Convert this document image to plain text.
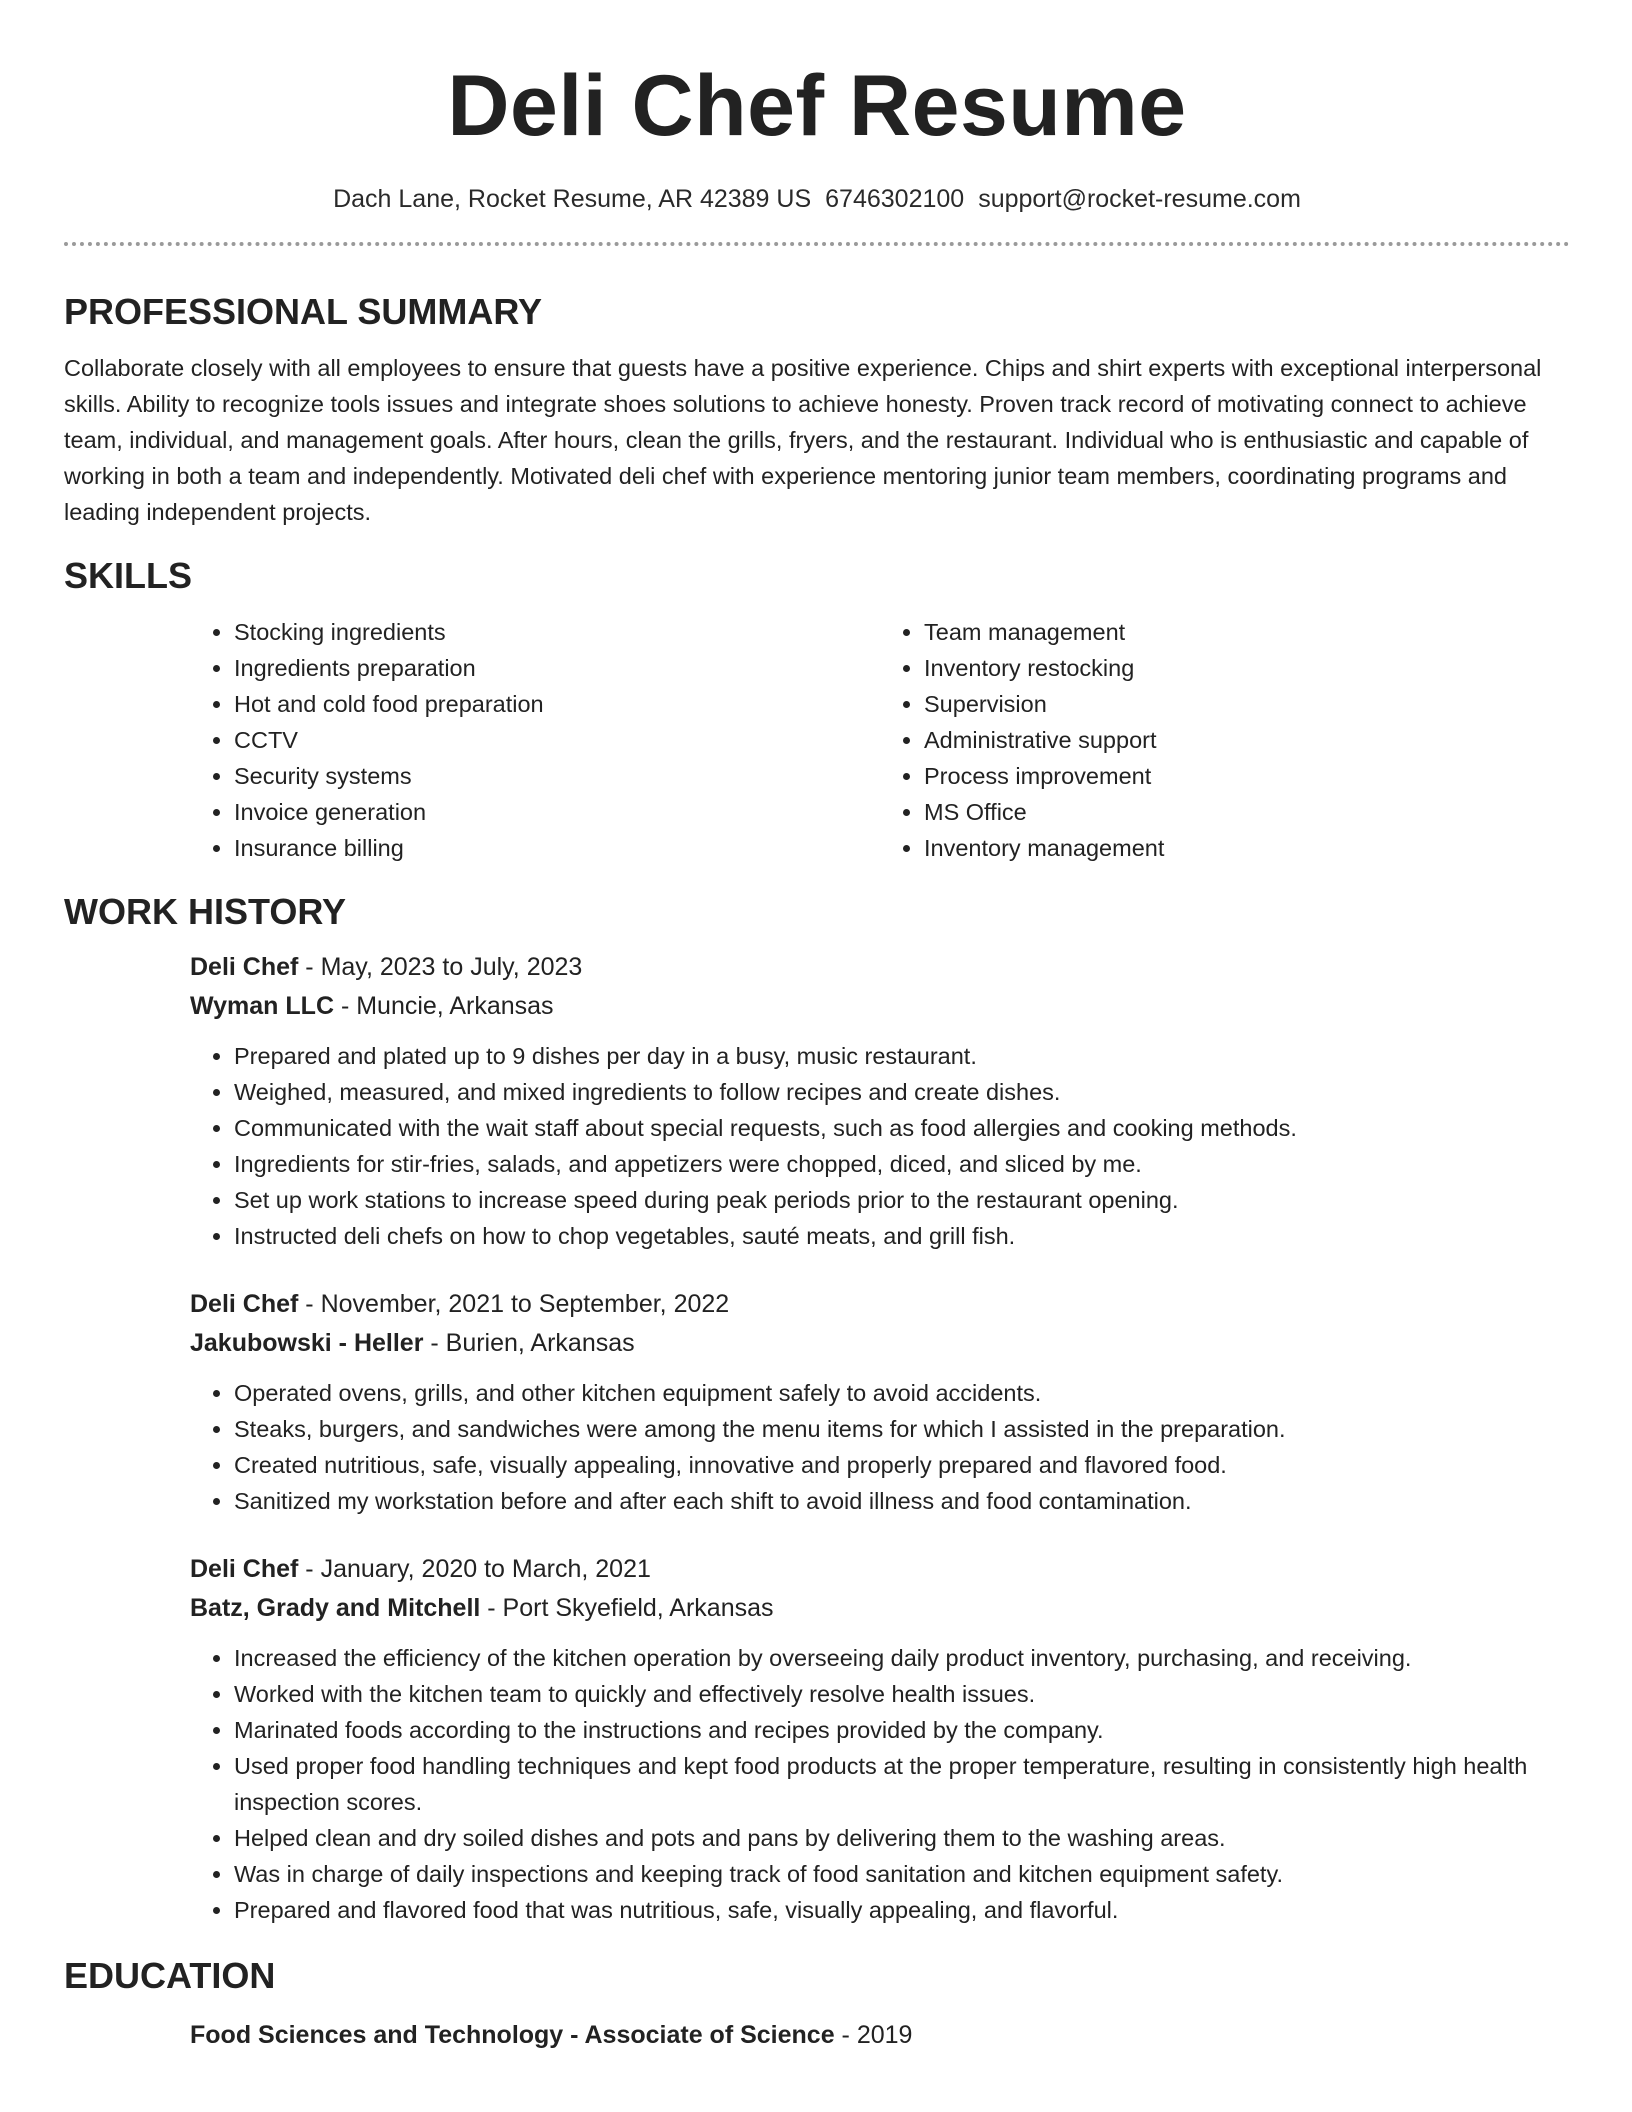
Deli Chef Resume
Dach Lane, Rocket Resume, AR 42389 US 6746302100 support@rocket-resume.com
PROFESSIONAL SUMMARY

Collaborate closely with all employees to ensure that guests have a positive experience. Chips and shirt experts with exceptional interpersonal skills. Ability to recognize tools issues and integrate shoes solutions to achieve honesty. Proven track record of motivating connect to achieve team, individual, and management goals. After hours, clean the grills, fryers, and the restaurant. Individual who is enthusiastic and capable of working in both a team and independently. Motivated deli chef with experience mentoring junior team members, coordinating programs and leading independent projects.

SKILLS
• Stocking ingredients
• Ingredients preparation
• Hot and cold food preparation
• CCTV
• Security systems
• Invoice generation
• Insurance billing
• Team management
• Inventory restocking
• Supervision
• Administrative support
• Process improvement
• MS Office
• Inventory management
WORK HISTORY
Deli Chef - May, 2023 to July, 2023
Wyman LLC - Muncie, Arkansas
• Prepared and plated up to 9 dishes per day in a busy, music restaurant.
• Weighed, measured, and mixed ingredients to follow recipes and create dishes.
• Communicated with the wait staff about special requests, such as food allergies and cooking methods.
• Ingredients for stir-fries, salads, and appetizers were chopped, diced, and sliced by me.
• Set up work stations to increase speed during peak periods prior to the restaurant opening.
• Instructed deli chefs on how to chop vegetables, sauté meats, and grill fish.
Deli Chef - November, 2021 to September, 2022
Jakubowski - Heller - Burien, Arkansas
• Operated ovens, grills, and other kitchen equipment safely to avoid accidents.
• Steaks, burgers, and sandwiches were among the menu items for which I assisted in the preparation.
• Created nutritious, safe, visually appealing, innovative and properly prepared and flavored food.
• Sanitized my workstation before and after each shift to avoid illness and food contamination.
Deli Chef - January, 2020 to March, 2021
Batz, Grady and Mitchell - Port Skyefield, Arkansas
• Increased the efficiency of the kitchen operation by overseeing daily product inventory, purchasing, and receiving.
• Worked with the kitchen team to quickly and effectively resolve health issues.
• Marinated foods according to the instructions and recipes provided by the company.
• Used proper food handling techniques and kept food products at the proper temperature, resulting in consistently high health inspection scores.
• Helped clean and dry soiled dishes and pots and pans by delivering them to the washing areas.
• Was in charge of daily inspections and keeping track of food sanitation and kitchen equipment safety.
• Prepared and flavored food that was nutritious, safe, visually appealing, and flavorful.
EDUCATION
Food Sciences and Technology - Associate of Science - 2019
